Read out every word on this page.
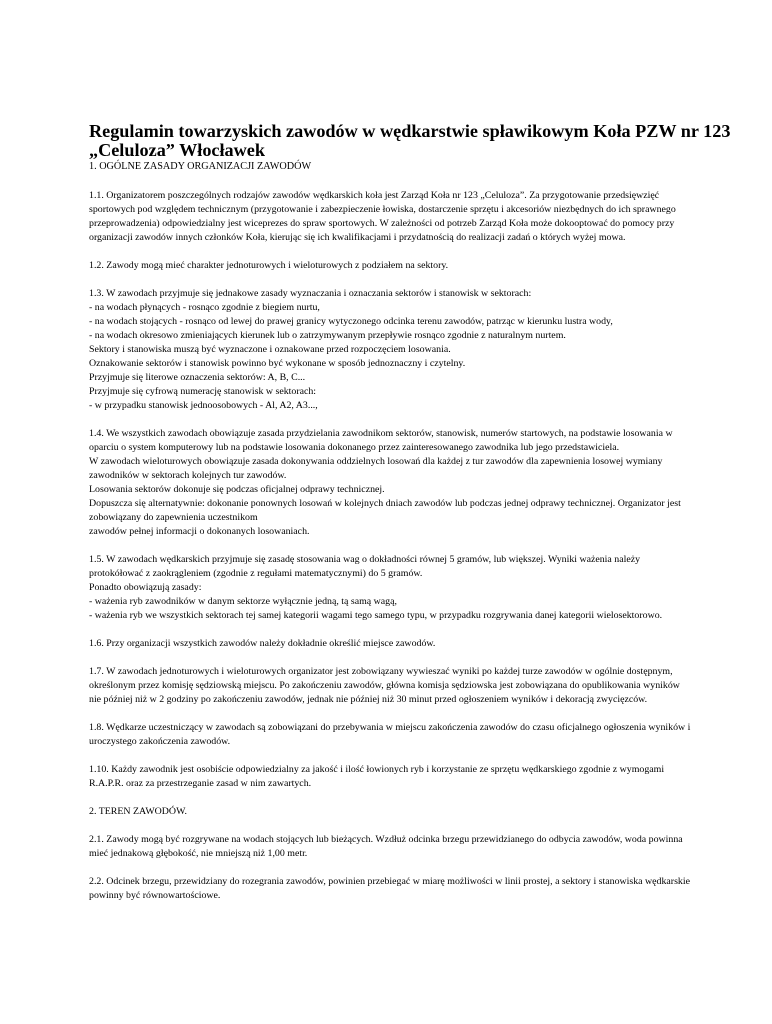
Regulamin towarzyskich zawodów w wędkarstwie spławikowym Koła PZW nr 123
„Celuloza” Włocławek
1. OGÓLNE ZASADY ORGANIZACJI ZAWODÓW
1.1. Organizatorem poszczególnych rodzajów zawodów wędkarskich koła jest Zarząd Koła nr 123 „Celuloza”. Za przygotowanie przedsięwzięć
sportowych pod względem technicznym (przygotowanie i zabezpieczenie łowiska, dostarczenie sprzętu i akcesoriów niezbędnych do ich sprawnego
przeprowadzenia) odpowiedzialny jest wiceprezes do spraw sportowych. W zależności od potrzeb Zarząd Koła może dokooptować do pomocy przy
organizacji zawodów innych członków Koła, kierując się ich kwalifikacjami i przydatnością do realizacji zadań o których wyżej mowa.
1.2. Zawody mogą mieć charakter jednoturowych i wieloturowych z podziałem na sektory.
1.3. W zawodach przyjmuje się jednakowe zasady wyznaczania i oznaczania sektorów i stanowisk w sektorach:
- na wodach płynących - rosnąco zgodnie z biegiem nurtu,
- na wodach stojących - rosnąco od lewej do prawej granicy wytyczonego odcinka terenu zawodów, patrząc w kierunku lustra wody,
- na wodach okresowo zmieniających kierunek lub o zatrzymywanym przepływie rosnąco zgodnie z naturalnym nurtem.
Sektory i stanowiska muszą być wyznaczone i oznakowane przed rozpoczęciem losowania.
Oznakowanie sektorów i stanowisk powinno być wykonane w sposób jednoznaczny i czytelny.
Przyjmuje się literowe oznaczenia sektorów: A, B, C...
Przyjmuje się cyfrową numerację stanowisk w sektorach:
- w przypadku stanowisk jednoosobowych - Al, A2, A3...,
1.4. We wszystkich zawodach obowiązuje zasada przydzielania zawodnikom sektorów, stanowisk, numerów startowych, na podstawie losowania w
oparciu o system komputerowy lub na podstawie losowania dokonanego przez zainteresowanego zawodnika lub jego przedstawiciela.
W zawodach wieloturowych obowiązuje zasada dokonywania oddzielnych losowań dla każdej z tur zawodów dla zapewnienia losowej wymiany
zawodników w sektorach kolejnych tur zawodów.
Losowania sektorów dokonuje się podczas oficjalnej odprawy technicznej.
Dopuszcza się alternatywnie: dokonanie ponownych losowań w kolejnych dniach zawodów lub podczas jednej odprawy technicznej. Organizator jest
zobowiązany do zapewnienia uczestnikom
zawodów pełnej informacji o dokonanych losowaniach.
1.5. W zawodach wędkarskich przyjmuje się zasadę stosowania wag o dokładności równej 5 gramów, lub większej. Wyniki ważenia należy
protokółować z zaokrągleniem (zgodnie z regułami matematycznymi) do 5 gramów.
Ponadto obowiązują zasady:
- ważenia ryb zawodników w danym sektorze wyłącznie jedną, tą samą wagą,
- ważenia ryb we wszystkich sektorach tej samej kategorii wagami tego samego typu, w przypadku rozgrywania danej kategorii wielosektorowo.
1.6. Przy organizacji wszystkich zawodów należy dokładnie określić miejsce zawodów.
1.7. W zawodach jednoturowych i wieloturowych organizator jest zobowiązany wywieszać wyniki po każdej turze zawodów w ogólnie dostępnym,
określonym przez komisję sędziowską miejscu. Po zakończeniu zawodów, główna komisja sędziowska jest zobowiązana do opublikowania wyników
nie później niż w 2 godziny po zakończeniu zawodów, jednak nie później niż 30 minut przed ogłoszeniem wyników i dekoracją zwycięzców.
1.8. Wędkarze uczestniczący w zawodach są zobowiązani do przebywania w miejscu zakończenia zawodów do czasu oficjalnego ogłoszenia wyników i
uroczystego zakończenia zawodów.
1.10. Każdy zawodnik jest osobiście odpowiedzialny za jakość i ilość łowionych ryb i korzystanie ze sprzętu wędkarskiego zgodnie z wymogami
R.A.P.R. oraz za przestrzeganie zasad w nim zawartych.
2. TEREN ZAWODÓW.
2.1. Zawody mogą być rozgrywane na wodach stojących lub bieżących. Wzdłuż odcinka brzegu przewidzianego do odbycia zawodów, woda powinna
mieć jednakową głębokość, nie mniejszą niż 1,00 metr.
2.2. Odcinek brzegu, przewidziany do rozegrania zawodów, powinien przebiegać w miarę możliwości w linii prostej, a sektory i stanowiska wędkarskie
powinny być równowartościowe.
